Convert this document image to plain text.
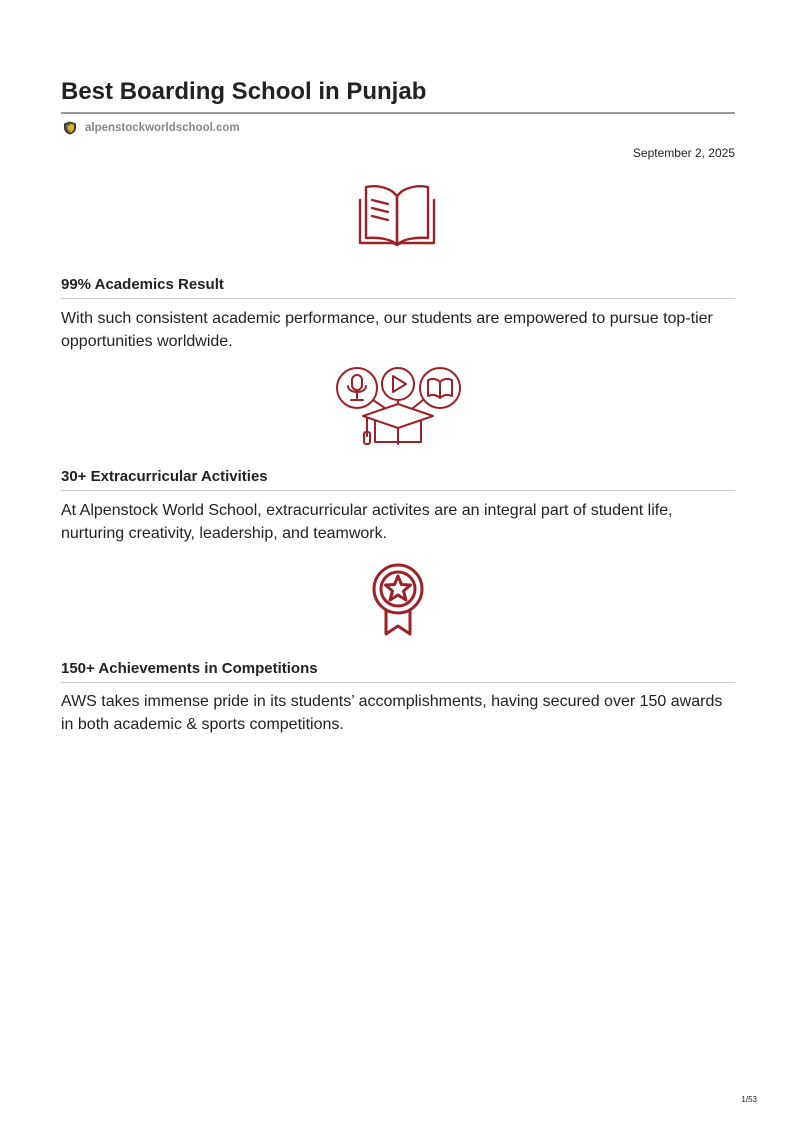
Best Boarding School in Punjab
alpenstockworldschool.com
September 2, 2025
99% Academics Result

With such consistent academic performance, our students are empowered to pursue top-tier opportunities worldwide.

30+ Extracurricular Activities

At Alpenstock World School, extracurricular activites are an integral part of student life, nurturing creativity, leadership, and teamwork.

150+ Achievements in Competitions

AWS takes immense pride in its students’ accomplishments, having secured over 150 awards in both academic & sports competitions.

1/53
